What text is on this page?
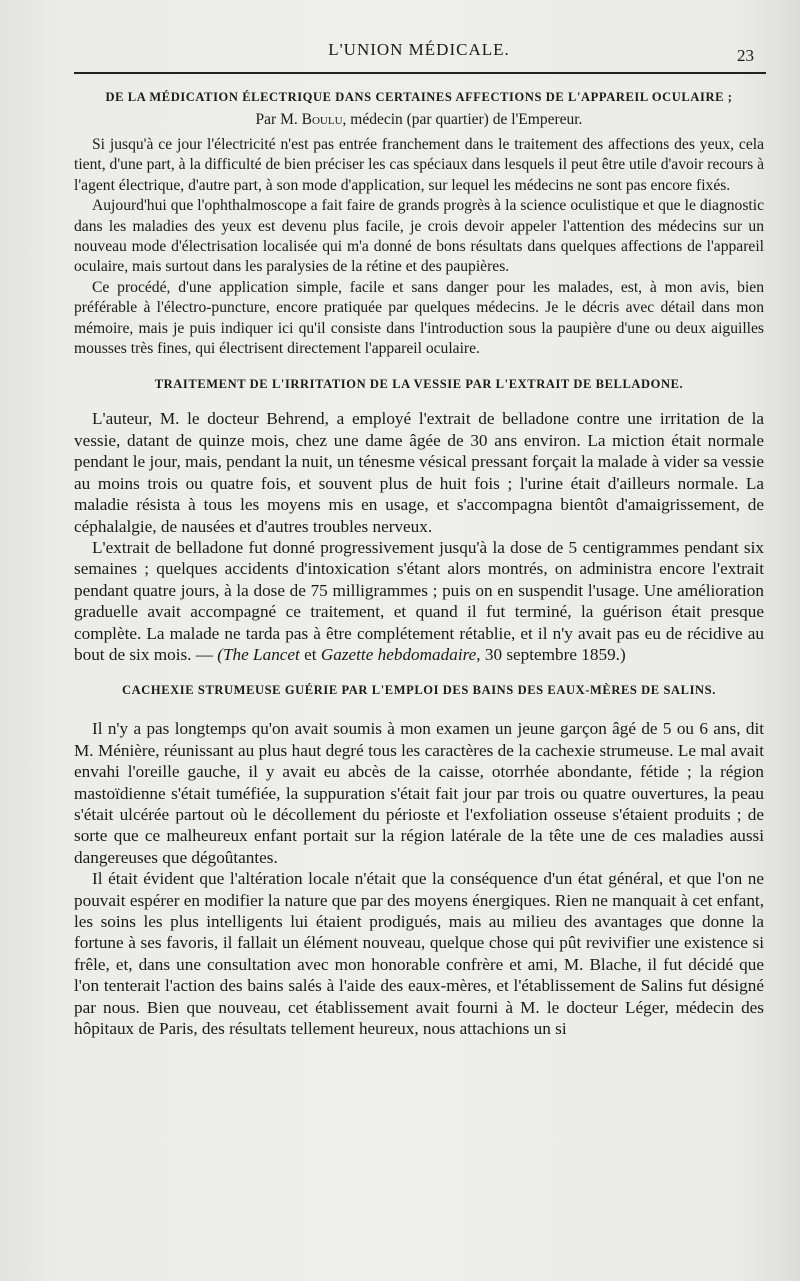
L'UNION MÉDICALE.	23
DE LA MÉDICATION ÉLECTRIQUE DANS CERTAINES AFFECTIONS DE L'APPAREIL OCULAIRE ;
Par M. Boulu, médecin (par quartier) de l'Empereur.

Si jusqu'à ce jour l'électricité n'est pas entrée franchement dans le traitement des affections des yeux, cela tient, d'une part, à la difficulté de bien préciser les cas spéciaux dans lesquels il peut être utile d'avoir recours à l'agent électrique, d'autre part, à son mode d'application, sur lequel les médecins ne sont pas encore fixés.

Aujourd'hui que l'ophthalmoscope a fait faire de grands progrès à la science oculistique et que le diagnostic dans les maladies des yeux est devenu plus facile, je crois devoir appeler l'attention des médecins sur un nouveau mode d'électrisation localisée qui m'a donné de bons résultats dans quelques affections de l'appareil oculaire, mais surtout dans les paralysies de la rétine et des paupières.

Ce procédé, d'une application simple, facile et sans danger pour les malades, est, à mon avis, bien préférable à l'électro-puncture, encore pratiquée par quelques médecins. Je le décris avec détail dans mon mémoire, mais je puis indiquer ici qu'il consiste dans l'introduction sous la paupière d'une ou deux aiguilles mousses très fines, qui électrisent directement l'appareil oculaire.

TRAITEMENT DE L'IRRITATION DE LA VESSIE PAR L'EXTRAIT DE BELLADONE.

L'auteur, M. le docteur Behrend, a employé l'extrait de belladone contre une irritation de la vessie, datant de quinze mois, chez une dame âgée de 30 ans environ. La miction était normale pendant le jour, mais, pendant la nuit, un ténesme vésical pressant forçait la malade à vider sa vessie au moins trois ou quatre fois, et souvent plus de huit fois ; l'urine était d'ailleurs normale. La maladie résista à tous les moyens mis en usage, et s'accompagna bientôt d'amaigrissement, de céphalalgie, de nausées et d'autres troubles nerveux.

L'extrait de belladone fut donné progressivement jusqu'à la dose de 5 centigrammes pendant six semaines ; quelques accidents d'intoxication s'étant alors montrés, on administra encore l'extrait pendant quatre jours, à la dose de 75 milligrammes ; puis on en suspendit l'usage. Une amélioration graduelle avait accompagné ce traitement, et quand il fut terminé, la guérison était presque complète. La malade ne tarda pas à être complétement rétablie, et il n'y avait pas eu de récidive au bout de six mois. — (The Lancet et Gazette hebdomadaire, 30 septembre 1859.)

CACHEXIE STRUMEUSE GUÉRIE PAR L'EMPLOI DES BAINS DES EAUX-MÈRES DE SALINS.

Il n'y a pas longtemps qu'on avait soumis à mon examen un jeune garçon âgé de 5 ou 6 ans, dit M. Ménière, réunissant au plus haut degré tous les caractères de la cachexie strumeuse. Le mal avait envahi l'oreille gauche, il y avait eu abcès de la caisse, otorrhée abondante, fétide ; la région mastoïdienne s'était tuméfiée, la suppuration s'était fait jour par trois ou quatre ouvertures, la peau s'était ulcérée partout où le décollement du périoste et l'exfoliation osseuse s'étaient produits ; de sorte que ce malheureux enfant portait sur la région latérale de la tête une de ces maladies aussi dangereuses que dégoûtantes.

Il était évident que l'altération locale n'était que la conséquence d'un état général, et que l'on ne pouvait espérer en modifier la nature que par des moyens énergiques. Rien ne manquait à cet enfant, les soins les plus intelligents lui étaient prodigués, mais au milieu des avantages que donne la fortune à ses favoris, il fallait un élément nouveau, quelque chose qui pût revivifier une existence si frêle, et, dans une consultation avec mon honorable confrère et ami, M. Blache, il fut décidé que l'on tenterait l'action des bains salés à l'aide des eaux-mères, et l'établissement de Salins fut désigné par nous. Bien que nouveau, cet établissement avait fourni à M. le docteur Léger, médecin des hôpitaux de Paris, des résultats tellement heureux, nous attachions un si
